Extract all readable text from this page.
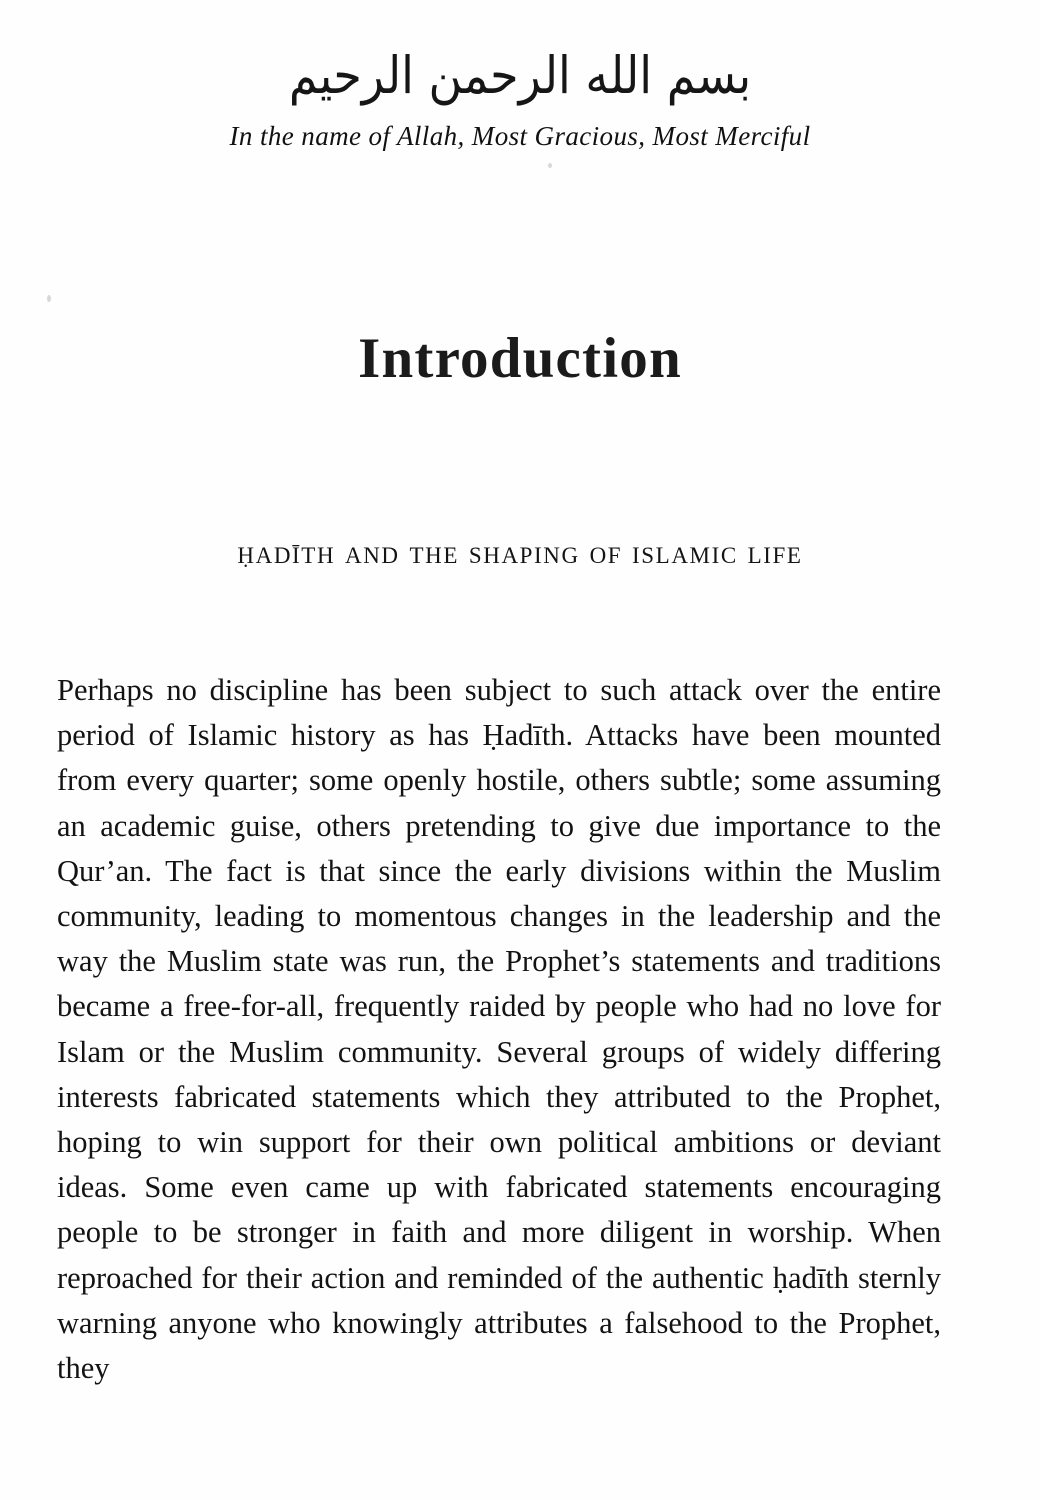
بسم الله الرحمن الرحيم
In the name of Allah, Most Gracious, Most Merciful
Introduction
ḥadīth and the shaping of islamic life

Perhaps no discipline has been subject to such attack over the entire period of Islamic history as has Ḥadīth. Attacks have been mounted from every quarter; some openly hostile, others subtle; some assuming an academic guise, others pretending to give due importance to the Qur’an. The fact is that since the early divisions within the Muslim community, leading to momentous changes in the leadership and the way the Muslim state was run, the Prophet’s statements and traditions became a free-for-all, frequently raided by people who had no love for Islam or the Muslim community. Several groups of widely differing interests fabricated statements which they attributed to the Prophet, hoping to win support for their own political ambitions or deviant ideas. Some even came up with fabricated statements encouraging people to be stronger in faith and more diligent in worship. When reproached for their action and reminded of the authentic ḥadīth sternly warning anyone who knowingly attributes a falsehood to the Prophet, they
